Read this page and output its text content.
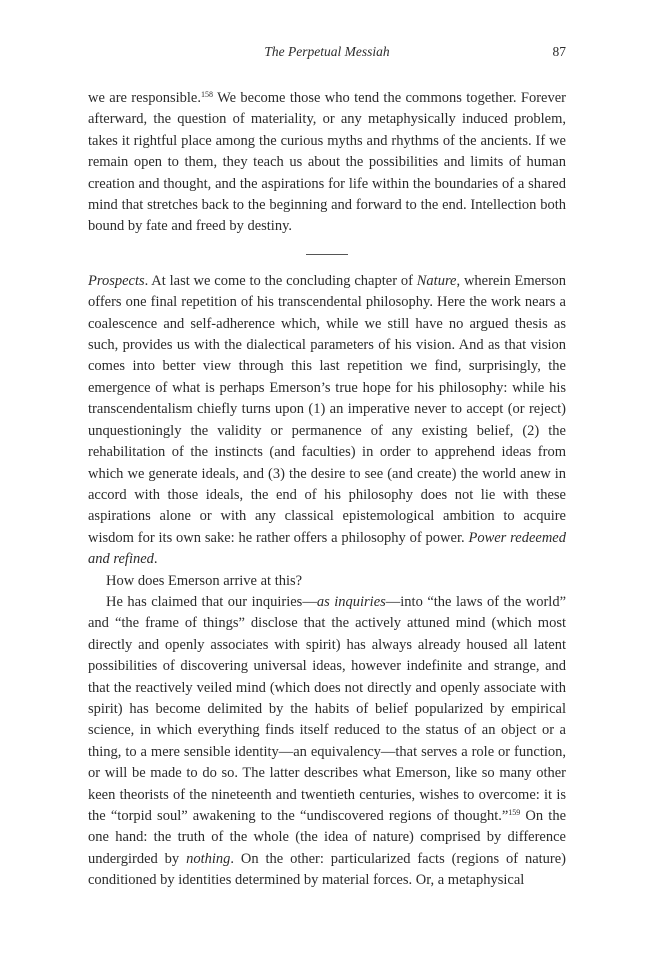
The Perpetual Messiah	87

we are responsible.$^{158}$ We become those who tend the commons together. Forever afterward, the question of materiality, or any metaphysically induced problem, takes it rightful place among the curious myths and rhythms of the ancients. If we remain open to them, they teach us about the possibilities and limits of human creation and thought, and the aspirations for life within the boundaries of a shared mind that stretches back to the beginning and forward to the end. Intellection both bound by fate and freed by destiny.

Prospects. At last we come to the concluding chapter of Nature, wherein Emerson offers one final repetition of his transcendental philosophy. Here the work nears a coalescence and self-adherence which, while we still have no argued thesis as such, provides us with the dialectical parameters of his vision. And as that vision comes into better view through this last repetition we find, surprisingly, the emergence of what is perhaps Emerson’s true hope for his philosophy: while his transcendentalism chiefly turns upon (1) an imperative never to accept (or reject) unquestioningly the validity or permanence of any existing belief, (2) the rehabilitation of the instincts (and faculties) in order to apprehend ideas from which we generate ideals, and (3) the desire to see (and create) the world anew in accord with those ideals, the end of his philosophy does not lie with these aspirations alone or with any classical epistemological ambition to acquire wisdom for its own sake: he rather offers a philosophy of power. Power redeemed and refined.

How does Emerson arrive at this?

He has claimed that our inquiries—as inquiries—into “the laws of the world” and “the frame of things” disclose that the actively attuned mind (which most directly and openly associates with spirit) has always already housed all latent possibilities of discovering universal ideas, however indefinite and strange, and that the reactively veiled mind (which does not directly and openly associate with spirit) has become delimited by the habits of belief popularized by empirical science, in which everything finds itself reduced to the status of an object or a thing, to a mere sensible identity—an equivalency—that serves a role or function, or will be made to do so. The latter describes what Emerson, like so many other keen theorists of the nineteenth and twentieth centuries, wishes to overcome: it is the “torpid soul” awakening to the “undiscovered regions of thought.”$^{159}$ On the one hand: the truth of the whole (the idea of nature) comprised by difference undergirded by nothing. On the other: particularized facts (regions of nature) conditioned by identities determined by material forces. Or, a metaphysical
